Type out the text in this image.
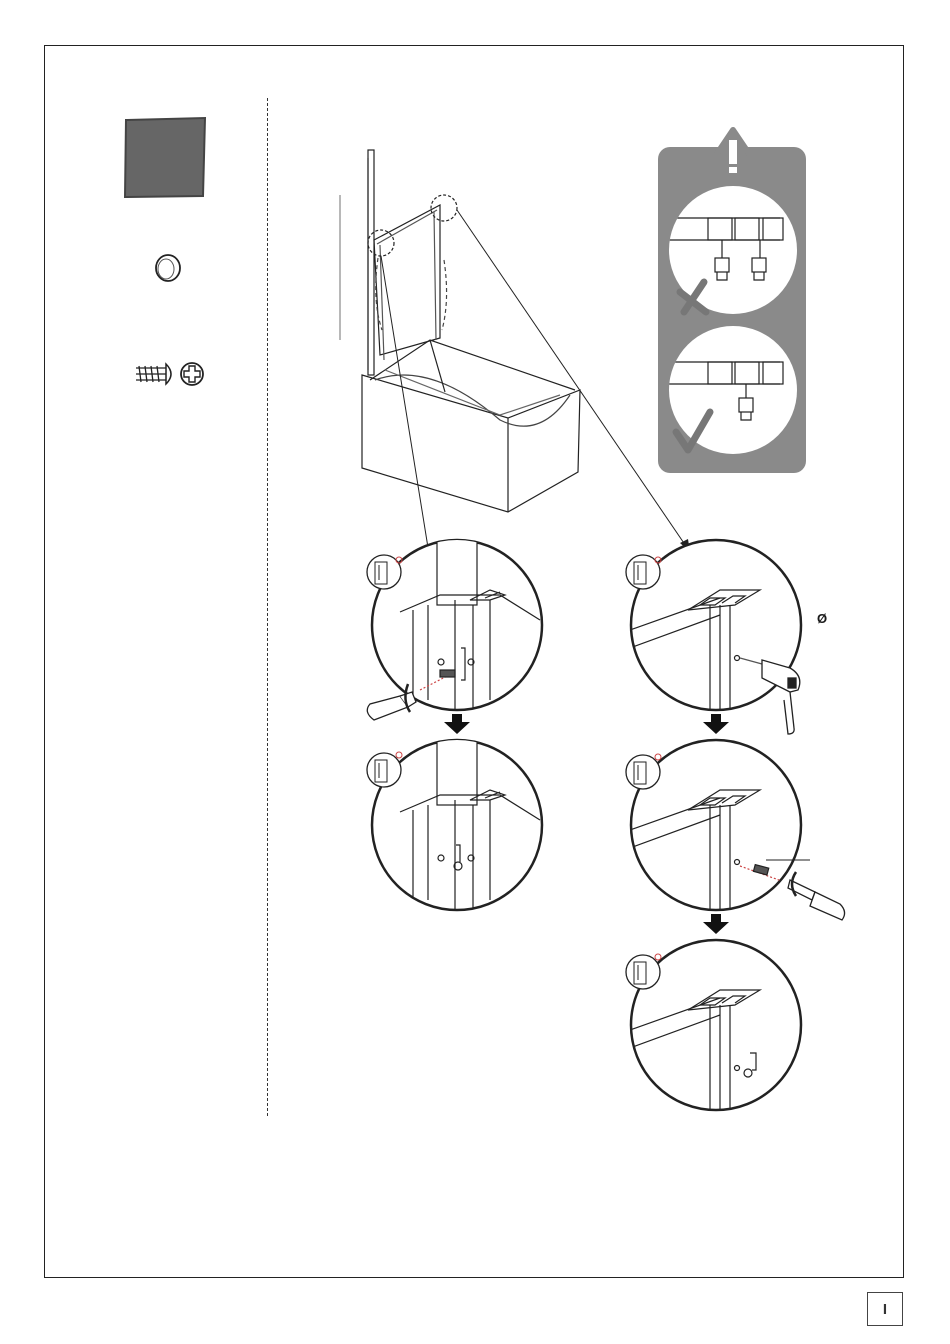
Ø
I
